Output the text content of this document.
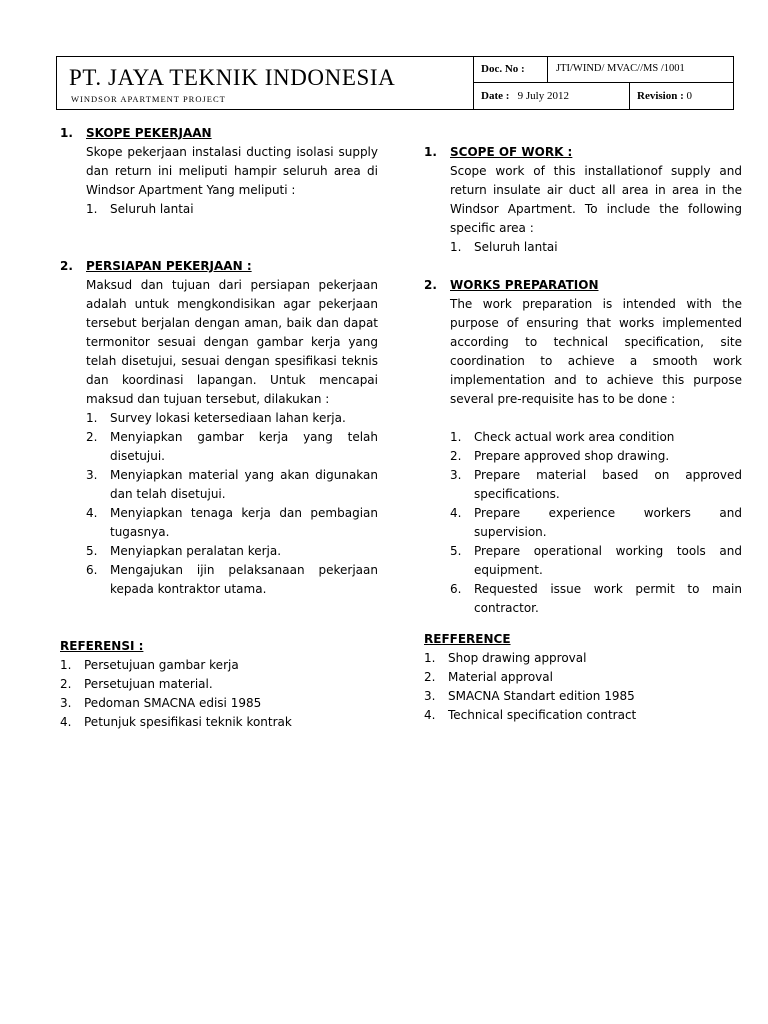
PT. JAYA TEKNIK INDONESIA
WINDSOR APARTMENT PROJECT
Doc. No :	JTI/WIND/ MVAC//MS /1001
Date : 9 July 2012	Revision : 0
1.	SKOPE PEKERJAAN
Skope pekerjaan instalasi ducting isolasi supply dan return ini meliputi hampir seluruh area di Windsor Apartment Yang meliputi :
1.	Seluruh lantai
2.	PERSIAPAN PEKERJAAN :
Maksud dan tujuan dari persiapan pekerjaan adalah untuk mengkondisikan agar pekerjaan tersebut berjalan dengan aman, baik dan dapat termonitor sesuai dengan gambar kerja yang telah disetujui, sesuai dengan spesifikasi teknis dan koordinasi lapangan. Untuk mencapai maksud dan tujuan tersebut, dilakukan :
1.	Survey lokasi ketersediaan lahan kerja.
2.	Menyiapkan gambar kerja yang telah disetujui.
3.	Menyiapkan material yang akan digunakan dan telah disetujui.
4.	Menyiapkan tenaga kerja dan pembagian tugasnya.
5.	Menyiapkan peralatan kerja.
6.	Mengajukan ijin pelaksanaan pekerjaan kepada kontraktor utama.
REFERENSI :
1.	Persetujuan gambar kerja
2.	Persetujuan material.
3.	Pedoman SMACNA edisi 1985
4.	Petunjuk spesifikasi teknik kontrak
1.	SCOPE OF WORK :
Scope work of this installationof supply and return insulate air duct all area in area in the Windsor Apartment. To include the following specific area :
1.	Seluruh lantai
2.	WORKS PREPARATION
The work preparation is intended with the purpose of ensuring that works implemented according to technical specification, site coordination to achieve a smooth work implementation and to achieve this purpose several pre-requisite has to be done :
1.	Check actual work area condition
2.	Prepare approved shop drawing.
3.	Prepare material based on approved specifications.
4.	Prepare experience workers and supervision.
5.	Prepare operational working tools and equipment.
6.	Requested issue work permit to main contractor.
REFFERENCE
1.	Shop drawing approval
2.	Material approval
3.	SMACNA Standart edition 1985
4.	Technical specification contract
